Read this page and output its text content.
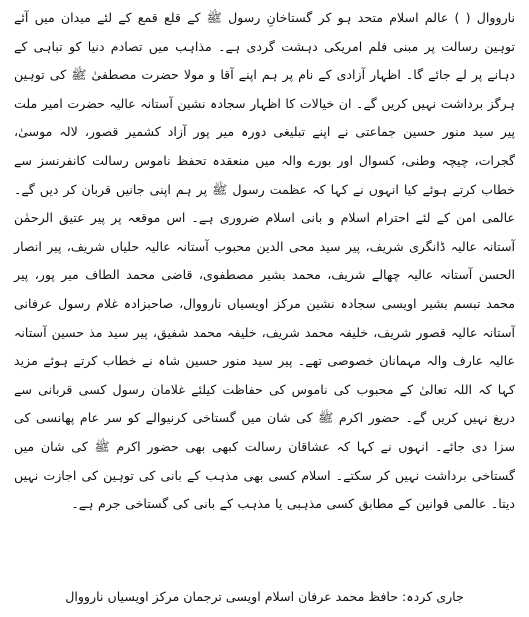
نارووال ( ) عالم اسلام متحد ہو کر گستاخانِ رسول ﷺ کے قلع قمع کے لئے میدان میں آئے توہین رسالت پر مبنی فلم امریکی دہشت گردی ہے۔ مذاہب میں تصادم دنیا کو تباہی کے دہانے پر لے جائے گا۔ اظہار آزادی کے نام پر ہم اپنے آقا و مولا حضرت مصطفیٰ ﷺ کی توہین ہرگز برداشت نہیں کریں گے۔ ان خیالات کا اظہار سجادہ نشین آستانہ عالیہ حضرت امیر ملت پیر سید منور حسین جماعتی نے اپنے تبلیغی دورہ میر پور آزاد کشمیر قصور، لالہ موسیٰ، گجرات، چیچہ وطنی، کسوال اور بورے والہ میں منعقدہ تحفظ ناموس رسالت کانفرنسز سے خطاب کرتے ہوئے کیا انہوں نے کہا کہ عظمت رسول ﷺ پر ہم اپنی جانیں قربان کر دیں گے۔ عالمی امن کے لئے احترام اسلام و بانی اسلام ضروری ہے۔ اس موقعہ پر پیر عتیق الرحمٰن آستانہ عالیہ ڈانگری شریف، پیر سید محی الدین محبوب آستانہ عالیہ حلیاں شریف، پیر انصار الحسن آستانہ عالیہ چھالے شریف، محمد بشیر مصطفوی، قاضی محمد الطاف میر پور، پیر محمد تبسم بشیر اویسی سجادہ نشین مرکز اویسیاں نارووال، صاحبزادہ غلام رسول عرفانی آستانہ عالیہ قصور شریف، خلیفہ محمد شریف، خلیفہ محمد شفیق، پیر سید مذ حسین آستانہ عالیہ عارف والہ مہمانان خصوصی تھے۔ پیر سید منور حسین شاہ نے خطاب کرتے ہوئے مزید کہا کہ اللہ تعالیٰ کے محبوب کی ناموس کی حفاظت کیلئے غلامان رسول کسی قربانی سے دریغ نہیں کریں گے۔ حضور اکرم ﷺ کی شان میں گستاخی کرنیوالے کو سر عام پھانسی کی سزا دی جائے۔ انہوں نے کہا کہ عشاقان رسالت کبھی بھی حضور اکرم ﷺ کی شان میں گستاخی برداشت نہیں کر سکتے۔ اسلام کسی بھی مذہب کے بانی کی توہین کی اجازت نہیں دیتا۔ عالمی قوانین کے مطابق کسی مذہبی یا مذہب کے بانی کی گستاخی جرم ہے۔

جاری کردہ: حافظ محمد عرفان اسلام اویسی ترجمان مرکز اویسیاں نارووال
